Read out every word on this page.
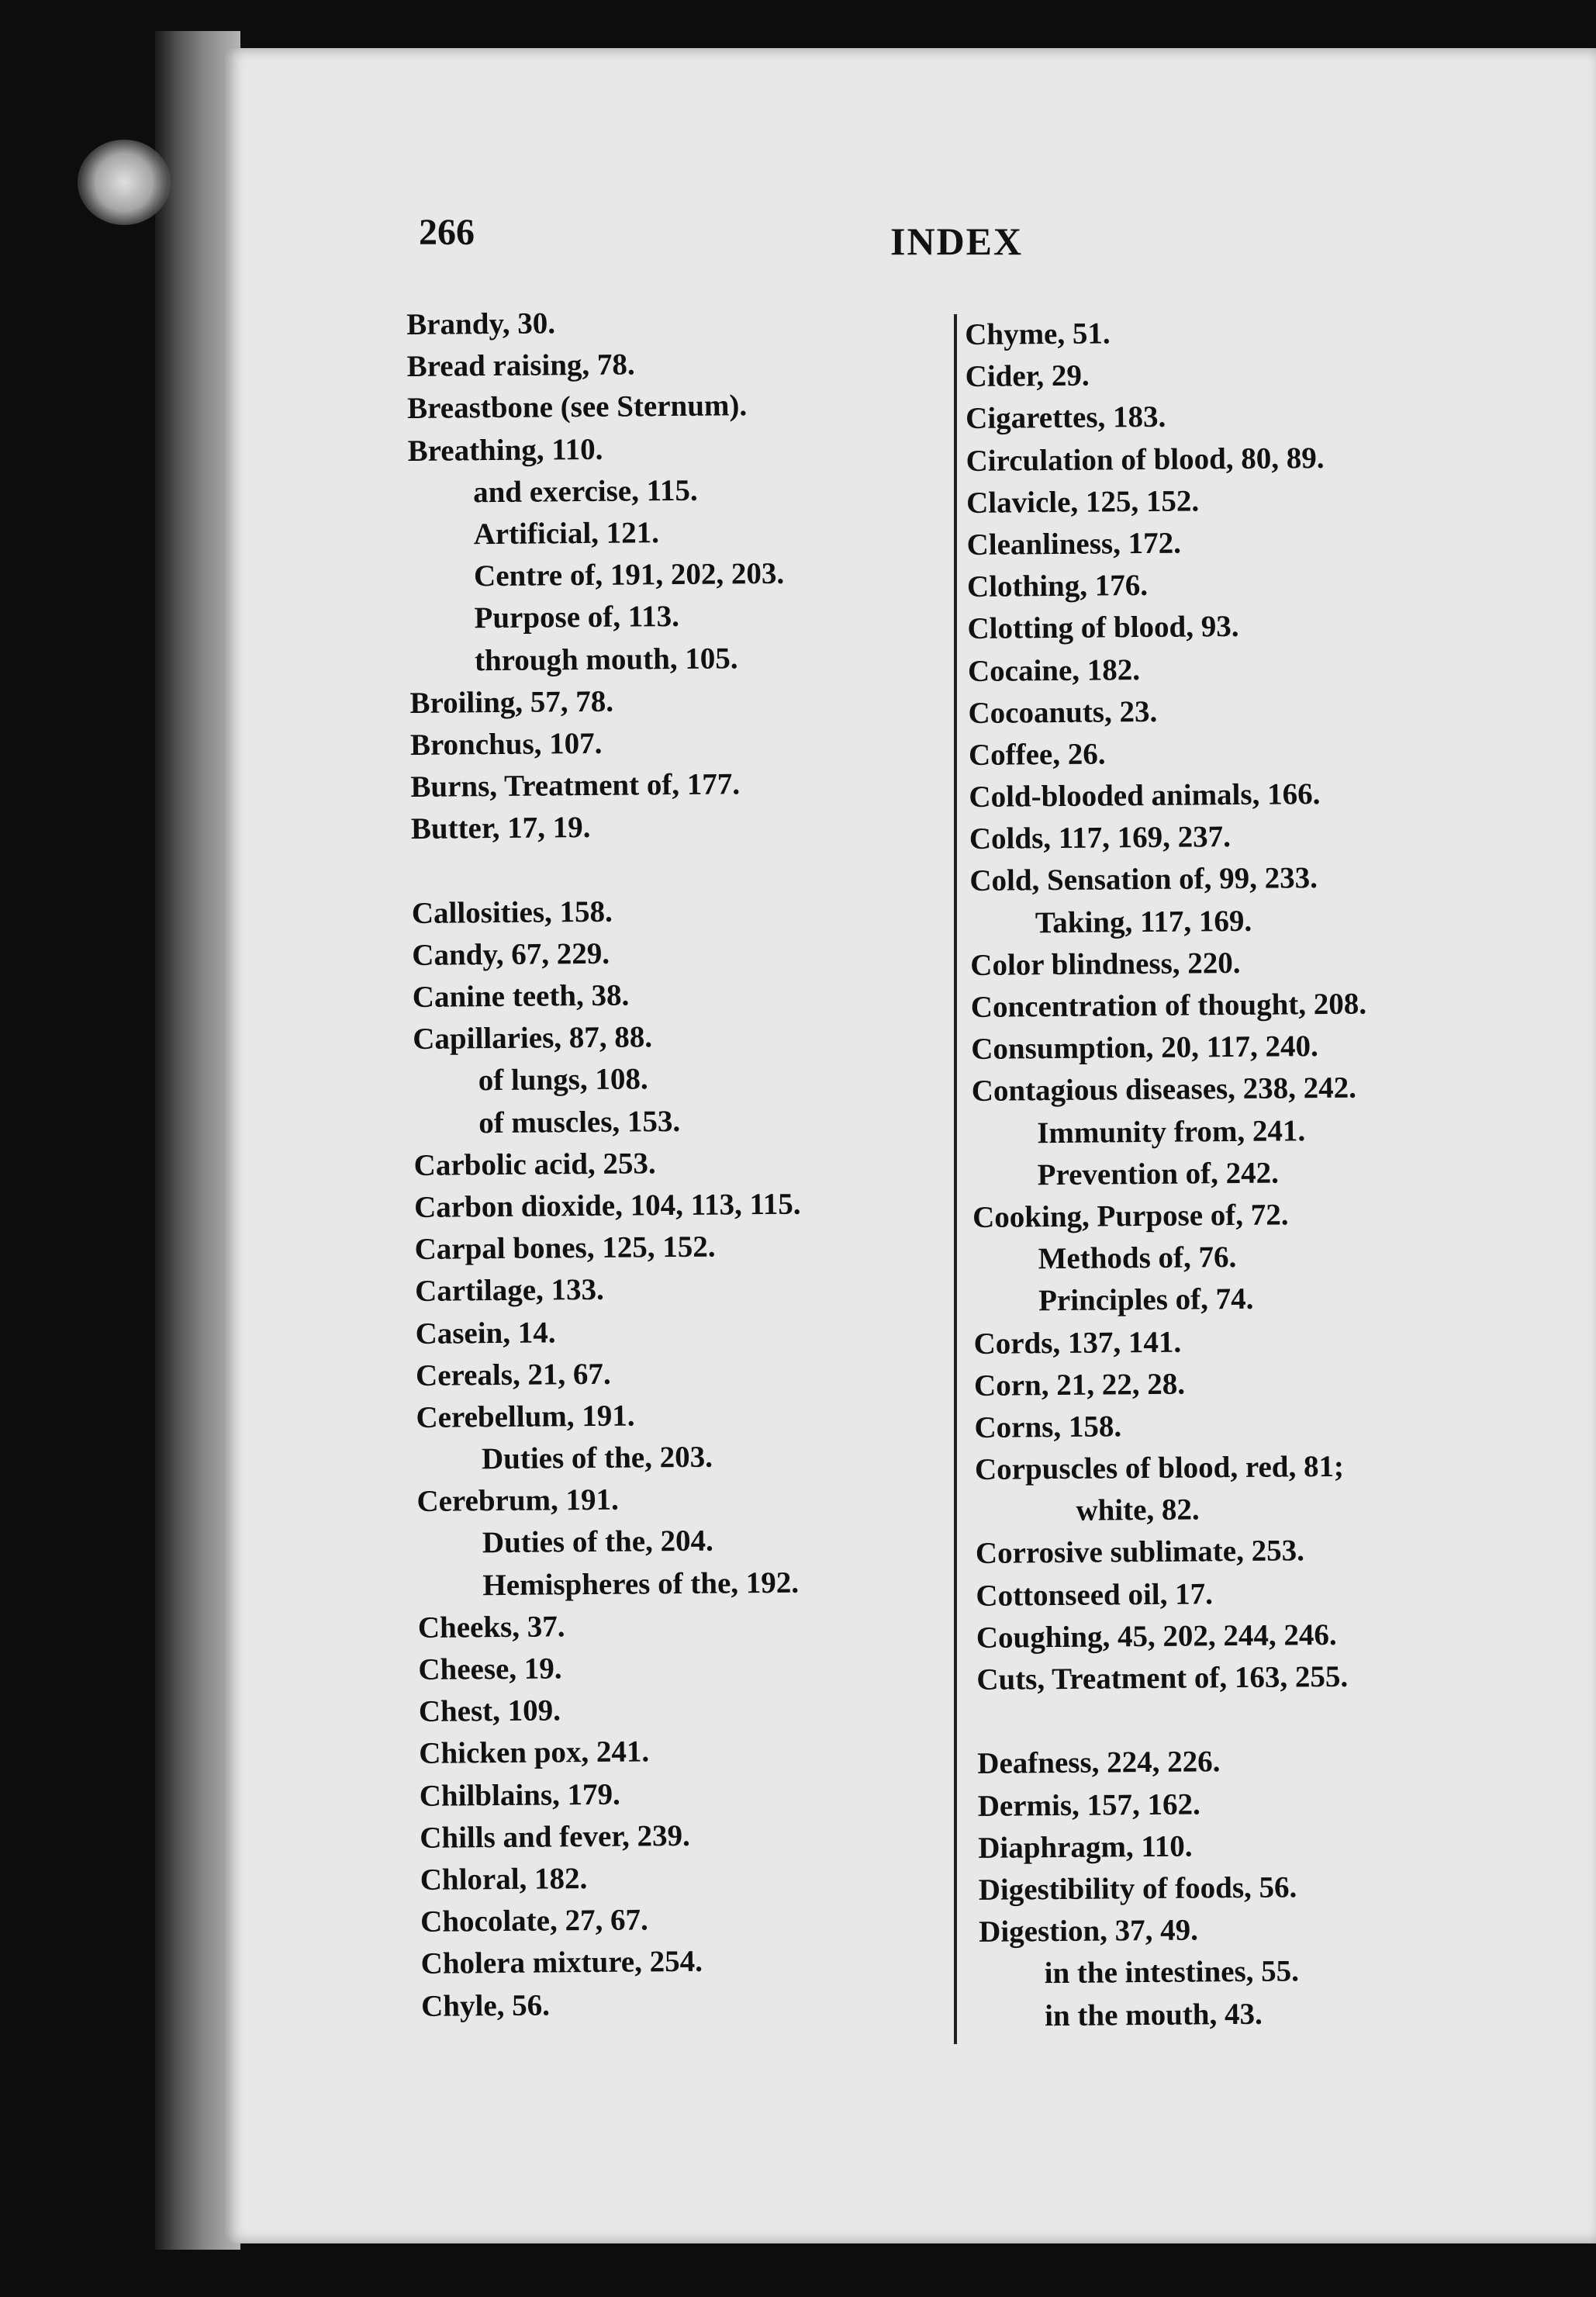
266	INDEX
Brandy, 30.
Bread raising, 78.
Breastbone (see Sternum).
Breathing, 110.
and exercise, 115.
Artificial, 121.
Centre of, 191, 202, 203.
Purpose of, 113.
through mouth, 105.
Broiling, 57, 78.
Bronchus, 107.
Burns, Treatment of, 177.
Butter, 17, 19.
Callosities, 158.
Candy, 67, 229.
Canine teeth, 38.
Capillaries, 87, 88.
of lungs, 108.
of muscles, 153.
Carbolic acid, 253.
Carbon dioxide, 104, 113, 115.
Carpal bones, 125, 152.
Cartilage, 133.
Casein, 14.
Cereals, 21, 67.
Cerebellum, 191.
Duties of the, 203.
Cerebrum, 191.
Duties of the, 204.
Hemispheres of the, 192.
Cheeks, 37.
Cheese, 19.
Chest, 109.
Chicken pox, 241.
Chilblains, 179.
Chills and fever, 239.
Chloral, 182.
Chocolate, 27, 67.
Cholera mixture, 254.
Chyle, 56.
Chyme, 51.
Cider, 29.
Cigarettes, 183.
Circulation of blood, 80, 89.
Clavicle, 125, 152.
Cleanliness, 172.
Clothing, 176.
Clotting of blood, 93.
Cocaine, 182.
Cocoanuts, 23.
Coffee, 26.
Cold-blooded animals, 166.
Colds, 117, 169, 237.
Cold, Sensation of, 99, 233.
Taking, 117, 169.
Color blindness, 220.
Concentration of thought, 208.
Consumption, 20, 117, 240.
Contagious diseases, 238, 242.
Immunity from, 241.
Prevention of, 242.
Cooking, Purpose of, 72.
Methods of, 76.
Principles of, 74.
Cords, 137, 141.
Corn, 21, 22, 28.
Corns, 158.
Corpuscles of blood, red, 81;
white, 82.
Corrosive sublimate, 253.
Cottonseed oil, 17.
Coughing, 45, 202, 244, 246.
Cuts, Treatment of, 163, 255.
Deafness, 224, 226.
Dermis, 157, 162.
Diaphragm, 110.
Digestibility of foods, 56.
Digestion, 37, 49.
in the intestines, 55.
in the mouth, 43.
